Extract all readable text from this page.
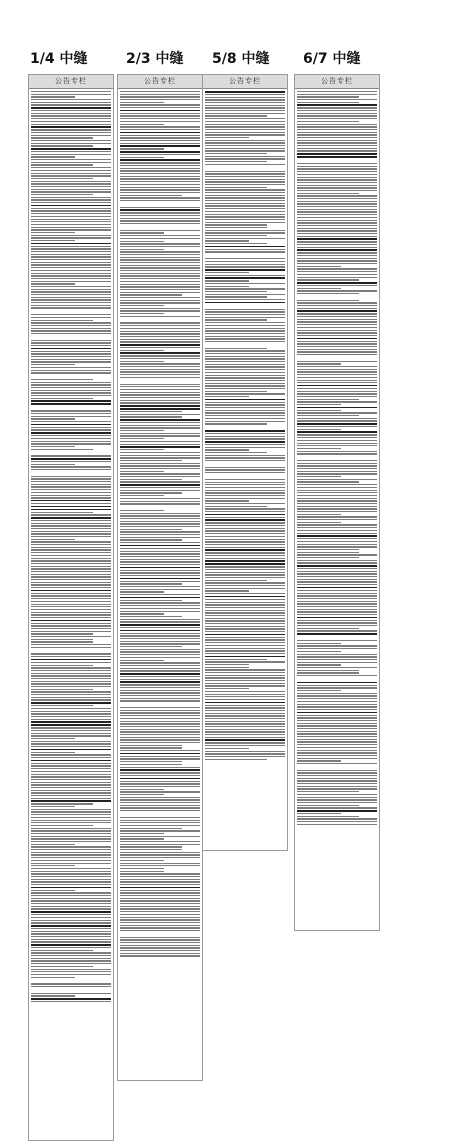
1/4 中缝	2/3 中缝 5/8 中缝 6/7 中缝
公告专栏	公告专栏	公告专栏	公告专栏
